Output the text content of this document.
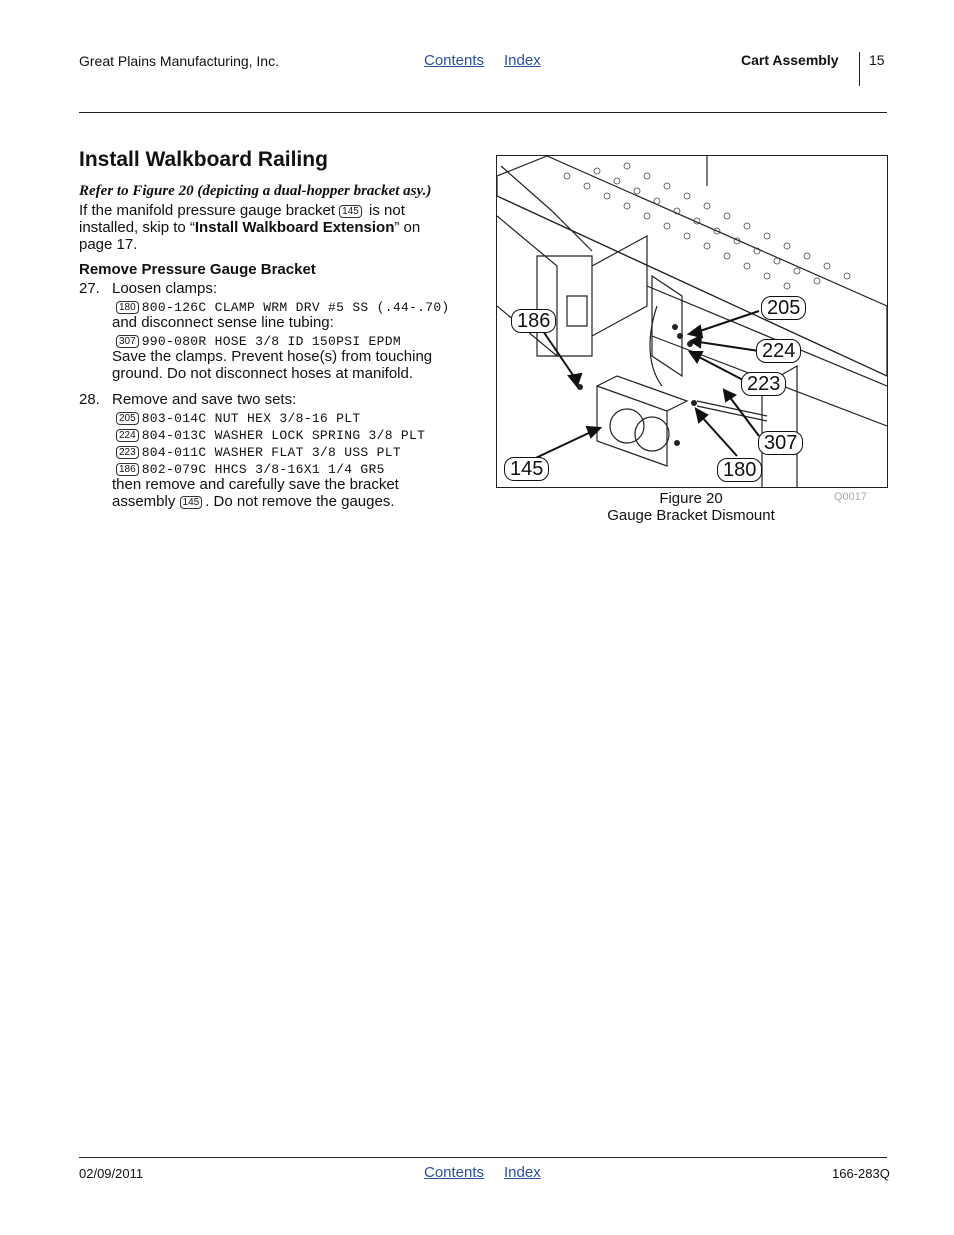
Great Plains Manufacturing, Inc.	Contents Index	Cart Assembly 15
Install Walkboard Railing
Refer to Figure 20 (depicting a dual-hopper bracket asy.)
If the manifold pressure gauge bracket 145 is not installed, skip to “Install Walkboard Extension” on page 17.
Remove Pressure Gauge Bracket
27. Loosen clamps:
180 800-126C CLAMP WRM DRV #5 SS (.44-.70)
and disconnect sense line tubing:
307 990-080R HOSE 3/8 ID 150PSI EPDM
Save the clamps. Prevent hose(s) from touching ground. Do not disconnect hoses at manifold.
28. Remove and save two sets:
205 803-014C NUT HEX 3/8-16 PLT
224 804-013C WASHER LOCK SPRING 3/8 PLT
223 804-011C WASHER FLAT 3/8 USS PLT
186 802-079C HHCS 3/8-16X1 1/4 GR5
then remove and carefully save the bracket assembly 145 . Do not remove the gauges.
186
205
224
223
307
145	180
Q0017
Figure 20
Gauge Bracket Dismount
02/09/2011	Contents Index	166-283Q
